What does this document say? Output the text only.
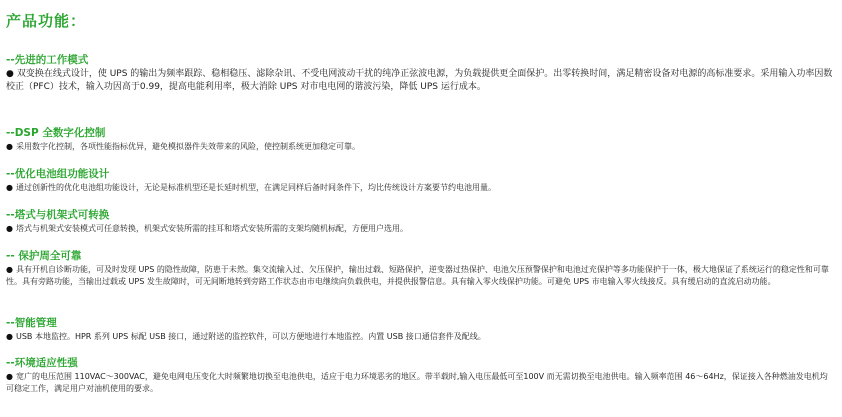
产品功能：
--先进的工作模式
● 双变换在线式设计，使 UPS 的输出为频率跟踪、稳相稳压、滤除杂讯、不受电网波动干扰的纯净正弦波电源，为负载提供更全面保护。出零转换时间，满足精密设备对电源的高标准要求。采用输入功率因数校正（PFC）技术，输入功因高于0.99，提高电能利用率，极大消除 UPS 对市电电网的谐波污染，降低 UPS 运行成本。
--DSP 全数字化控制
● 采用数字化控制，各项性能指标优异，避免模拟器件失效带来的风险，使控制系统更加稳定可靠。
--优化电池组功能设计
● 通过创新性的优化电池组功能设计，无论是标准机型还是长延时机型，在满足同样后备时间条件下，均比传统设计方案要节约电池用量。
--塔式与机架式可转换
● 塔式与机架式安装模式可任意转换，机架式安装所需的挂耳和塔式安装所需的支架均随机标配，方便用户选用。
-- 保护周全可靠
● 具有开机自诊断功能，可及时发现 UPS 的隐性故障，防患于未然。集交流输入过、欠压保护，输出过载、短路保护，逆变器过热保护、电池欠压预警保护和电池过充保护等多功能保护于一体，极大地保证了系统运行的稳定性和可靠性。具有旁路功能，当输出过载或 UPS 发生故障时，可无间断地转到旁路工作状态由市电继续向负载供电，并提供报警信息。具有输入零火线保护功能。可避免 UPS 市电输入零火线接反。具有缓启动的直流启动功能。
--智能管理
● USB 本地监控。HPR 系列 UPS 标配 USB 接口，通过附送的监控软件，可以方便地进行本地监控。内置 USB 接口通信套件及配线。
--环境适应性强
● 宽广的电压范围 110VAC～300VAC，避免电网电压变化大时频繁地切换至电池供电，适应于电力环境恶劣的地区。带半载时,输入电压最低可至100V 而无需切换至电池供电。输入频率范围 46～64Hz，保证接入各种燃油发电机均可稳定工作，满足用户对油机使用的要求。
